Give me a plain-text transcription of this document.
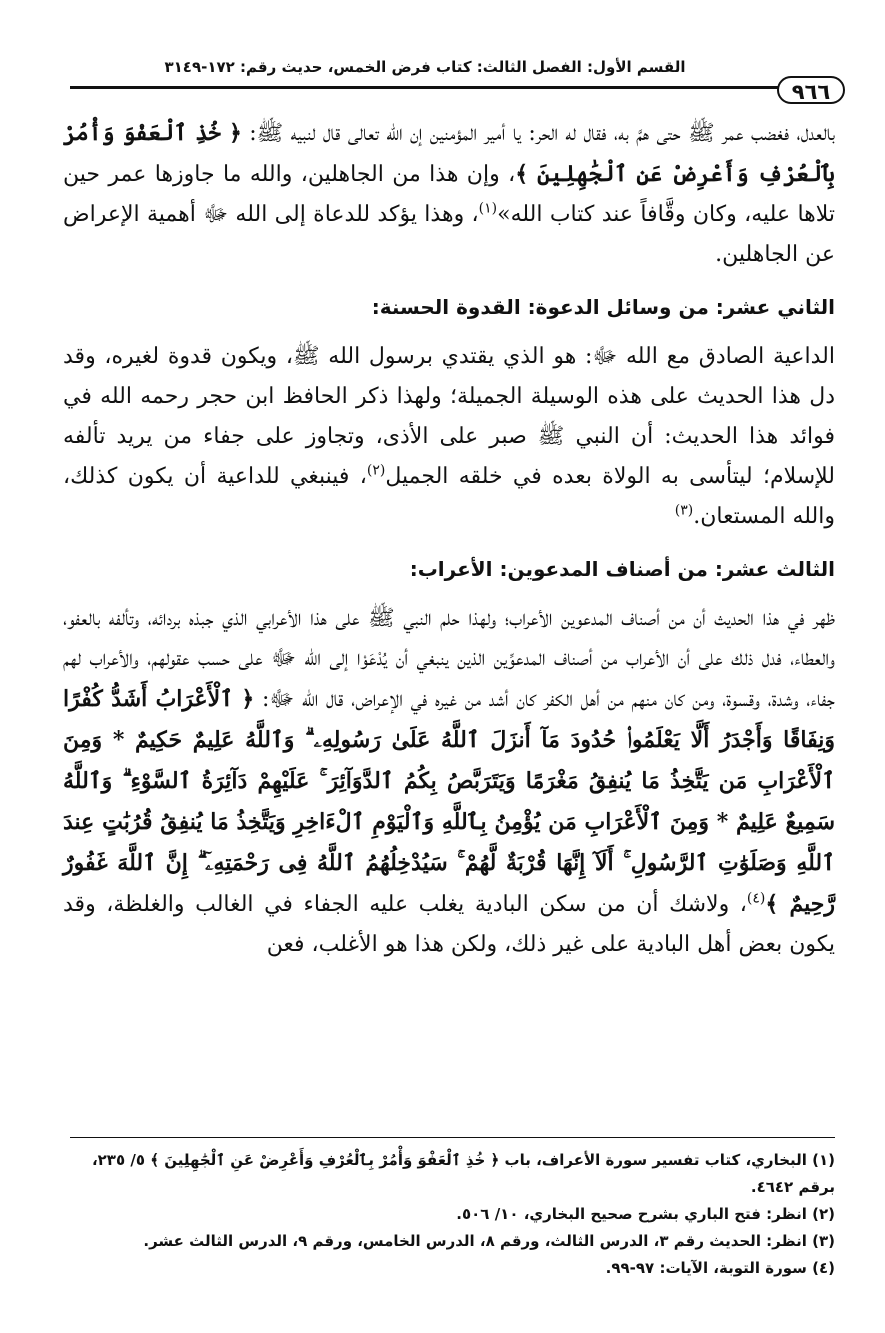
القسم الأول: الفصل الثالث: كتاب فرض الخمس، حديث رقم: ١٧٢-٣١٤٩
٩٦٦

بالعدل، فغضب عمر ﷺ حتى همَّ به، فقال له الحر: يا أمير المؤمنين إن الله تعالى قال لنبيه ﷺ: ﴿ خُذِ ٱلْعَفْوَ وَأْمُرْ بِٱلْعُرْفِ وَأَعْرِضْ عَنِ ٱلْجَٰهِلِينَ ﴾، وإن هذا من الجاهلين، والله ما جاوزها عمر حين تلاها عليه، وكان وقَّافاً عند كتاب الله»$^{(١)}$، وهذا يؤكد للدعاة إلى الله ﷻ أهمية الإعراض عن الجاهلين.

الثاني عشر: من وسائل الدعوة: القدوة الحسنة:

الداعية الصادق مع الله ﷻ: هو الذي يقتدي برسول الله ﷺ، ويكون قدوة لغيره، وقد دل هذا الحديث على هذه الوسيلة الجميلة؛ ولهذا ذكر الحافظ ابن حجر رحمه الله في فوائد هذا الحديث: أن النبي ﷺ صبر على الأذى، وتجاوز على جفاء من يريد تألفه للإسلام؛ ليتأسى به الولاة بعده في خلقه الجميل$^{(٢)}$، فينبغي للداعية أن يكون كذلك، والله المستعان.$^{(٣)}$

الثالث عشر: من أصناف المدعوين: الأعراب:

ظهر في هذا الحديث أن من أصناف المدعوين الأعراب؛ ولهذا حلم النبي ﷺ على هذا الأعرابي الذي جبذه بردائه، وتألفه بالعفو، والعطاء، فدل ذلك على أن الأعراب من أصناف المدعوِّين الذين ينبغي أن يُدْعَوْا إلى الله ﷻ على حسب عقولهم، والأعراب لهم جفاء، وشدة، وقسوة، ومن كان منهم من أهل الكفر كان أشد من غيره في الإعراض، قال الله ﷻ: ﴿ ٱلْأَعْرَابُ أَشَدُّ كُفْرًا وَنِفَاقًا وَأَجْدَرُ أَلَّا يَعْلَمُوا۟ حُدُودَ مَآ أَنزَلَ ٱللَّهُ عَلَىٰ رَسُولِهِۦ ۗ وَٱللَّهُ عَلِيمٌ حَكِيمٌ * وَمِنَ ٱلْأَعْرَابِ مَن يَتَّخِذُ مَا يُنفِقُ مَغْرَمًا وَيَتَرَبَّصُ بِكُمُ ٱلدَّوَآئِرَ ۚ عَلَيْهِمْ دَآئِرَةُ ٱلسَّوْءِ ۗ وَٱللَّهُ سَمِيعٌ عَلِيمٌ * وَمِنَ ٱلْأَعْرَابِ مَن يُؤْمِنُ بِٱللَّهِ وَٱلْيَوْمِ ٱلْءَاخِرِ وَيَتَّخِذُ مَا يُنفِقُ قُرُبَٰتٍ عِندَ ٱللَّهِ وَصَلَوَٰتِ ٱلرَّسُولِ ۚ أَلَآ إِنَّهَا قُرْبَةٌ لَّهُمْ ۚ سَيُدْخِلُهُمُ ٱللَّهُ فِى رَحْمَتِهِۦٓ ۗ إِنَّ ٱللَّهَ غَفُورٌ رَّحِيمٌ ﴾$^{(٤)}$، ولاشك أن من سكن البادية يغلب عليه الجفاء في الغالب والغلظة، وقد يكون بعض أهل البادية على غير ذلك، ولكن هذا هو الأغلب، فعن

(١) البخاري، كتاب تفسير سورة الأعراف، باب ﴿ خُذِ ٱلْعَفْوَ وَأْمُرْ بِٱلْعُرْفِ وَأَعْرِضْ عَنِ ٱلْجَٰهِلِينَ ﴾ ٥/ ٢٣٥، برقم ٤٦٤٢.

(٢) انظر: فتح الباري بشرح صحيح البخاري، ١٠/ ٥٠٦.

(٣) انظر: الحديث رقم ٣، الدرس الثالث، ورقم ٨، الدرس الخامس، ورقم ٩، الدرس الثالث عشر.

(٤) سورة التوبة، الآيات: ٩٧-٩٩.
